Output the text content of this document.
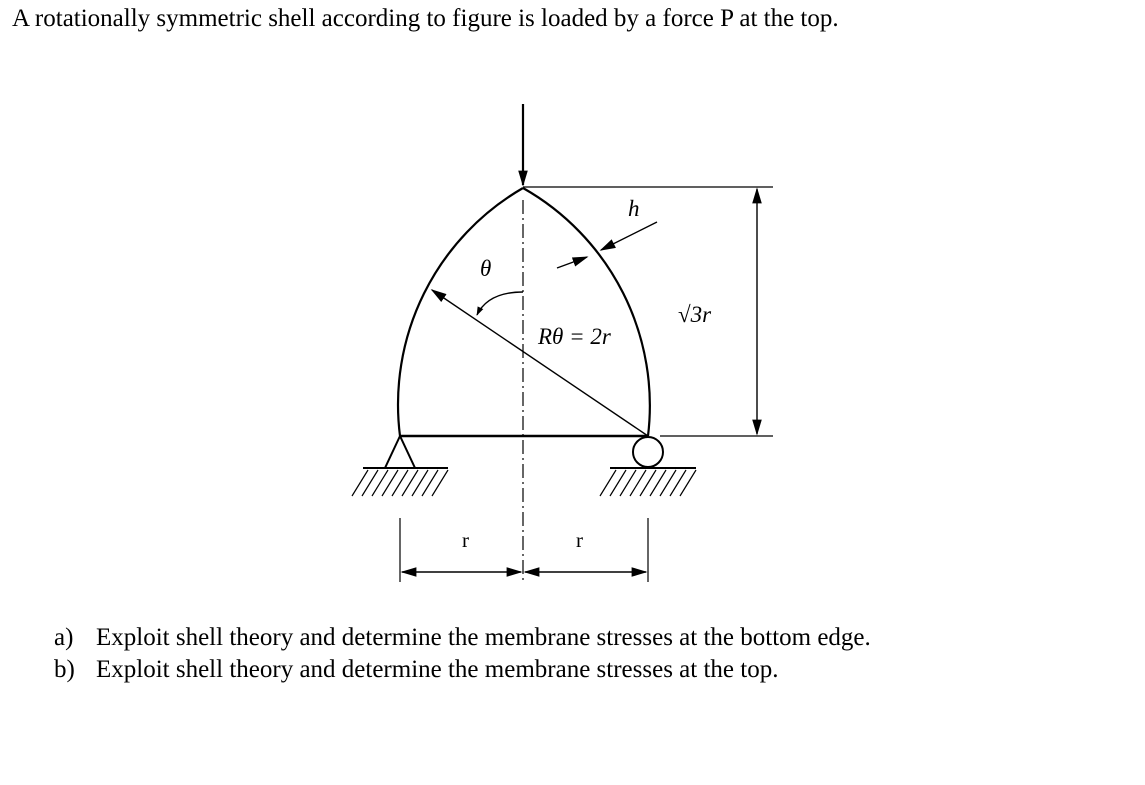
A rotationally symmetric shell according to figure is loaded by a force P at the top.
θ
Rθ = 2r
h
√3r
r	r
a) Exploit shell theory and determine the membrane stresses at the bottom edge.
b) Exploit shell theory and determine the membrane stresses at the top.
